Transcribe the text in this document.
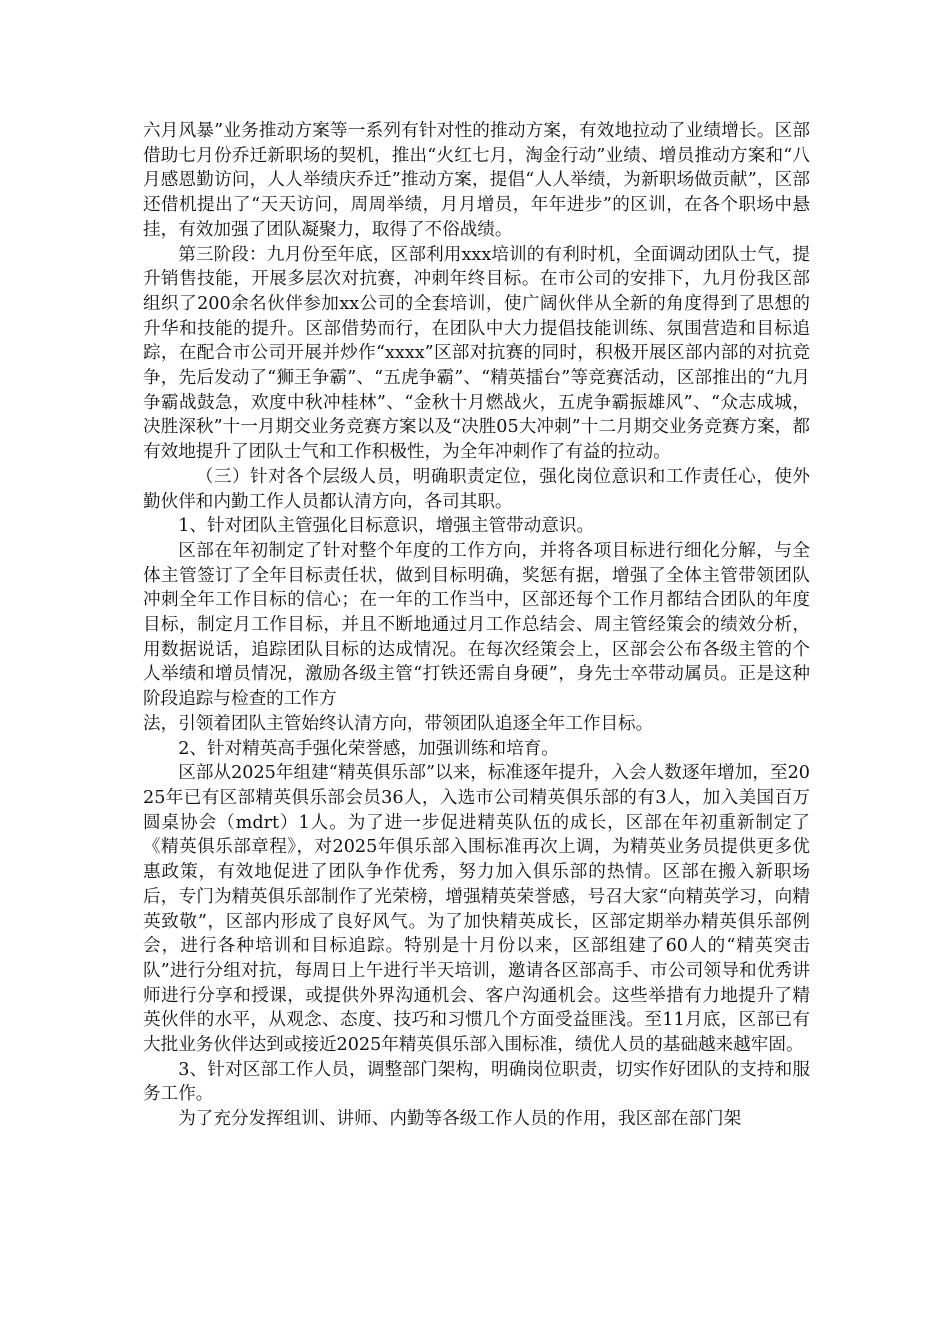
六月风暴”业务推动方案等一系列有针对性的推动方案，有效地拉动了业绩增长。区部借助七月份乔迁新职场的契机，推出“火红七月，淘金行动”业绩、增员推动方案和“八月感恩勤访问，人人举绩庆乔迁”推动方案，提倡“人人举绩，为新职场做贡献”，区部还借机提出了“天天访问，周周举绩，月月增员，年年进步”的区训，在各个职场中悬挂，有效加强了团队凝聚力，取得了不俗战绩。

第三阶段：九月份至年底，区部利用xxx培训的有利时机，全面调动团队士气，提升销售技能，开展多层次对抗赛，冲刺年终目标。在市公司的安排下，九月份我区部组织了200余名伙伴参加xx公司的全套培训，使广阔伙伴从全新的角度得到了思想的升华和技能的提升。区部借势而行，在团队中大力提倡技能训练、氛围营造和目标追踪，在配合市公司开展并炒作“xxxx”区部对抗赛的同时，积极开展区部内部的对抗竞争，先后发动了“狮王争霸”、“五虎争霸”、“精英擂台”等竞赛活动，区部推出的“九月争霸战鼓急，欢度中秋冲桂林”、“金秋十月燃战火，五虎争霸振雄风”、“众志成城，决胜深秋”十一月期交业务竞赛方案以及“决胜05大冲刺”十二月期交业务竞赛方案，都有效地提升了团队士气和工作积极性，为全年冲刺作了有益的拉动。

（三）针对各个层级人员，明确职责定位，强化岗位意识和工作责任心，使外勤伙伴和内勤工作人员都认清方向，各司其职。

1、针对团队主管强化目标意识，增强主管带动意识。

区部在年初制定了针对整个年度的工作方向，并将各项目标进行细化分解，与全体主管签订了全年目标责任状，做到目标明确，奖惩有据，增强了全体主管带领团队冲刺全年工作目标的信心；在一年的工作当中，区部还每个工作月都结合团队的年度目标，制定月工作目标，并且不断地通过月工作总结会、周主管经策会的绩效分析，用数据说话，追踪团队目标的达成情况。在每次经策会上，区部会公布各级主管的个人举绩和增员情况，激励各级主管“打铁还需自身硬”，身先士卒带动属员。正是这种阶段追踪与检查的工作方

法，引领着团队主管始终认清方向，带领团队追逐全年工作目标。

2、针对精英高手强化荣誉感，加强训练和培育。

区部从2025年组建“精英俱乐部”以来，标准逐年提升，入会人数逐年增加，至2025年已有区部精英俱乐部会员36人，入选市公司精英俱乐部的有3人，加入美国百万圆桌协会（mdrt）1人。为了进一步促进精英队伍的成长，区部在年初重新制定了《精英俱乐部章程》，对2025年俱乐部入围标准再次上调，为精英业务员提供更多优惠政策，有效地促进了团队争作优秀，努力加入俱乐部的热情。区部在搬入新职场后，专门为精英俱乐部制作了光荣榜，增强精英荣誉感，号召大家“向精英学习，向精英致敬”，区部内形成了良好风气。为了加快精英成长，区部定期举办精英俱乐部例会，进行各种培训和目标追踪。特别是十月份以来，区部组建了60人的“精英突击队”进行分组对抗，每周日上午进行半天培训，邀请各区部高手、市公司领导和优秀讲师进行分享和授课，或提供外界沟通机会、客户沟通机会。这些举措有力地提升了精英伙伴的水平，从观念、态度、技巧和习惯几个方面受益匪浅。至11月底，区部已有大批业务伙伴达到或接近2025年精英俱乐部入围标准，绩优人员的基础越来越牢固。

3、针对区部工作人员，调整部门架构，明确岗位职责，切实作好团队的支持和服务工作。

为了充分发挥组训、讲师、内勤等各级工作人员的作用，我区部在部门架
